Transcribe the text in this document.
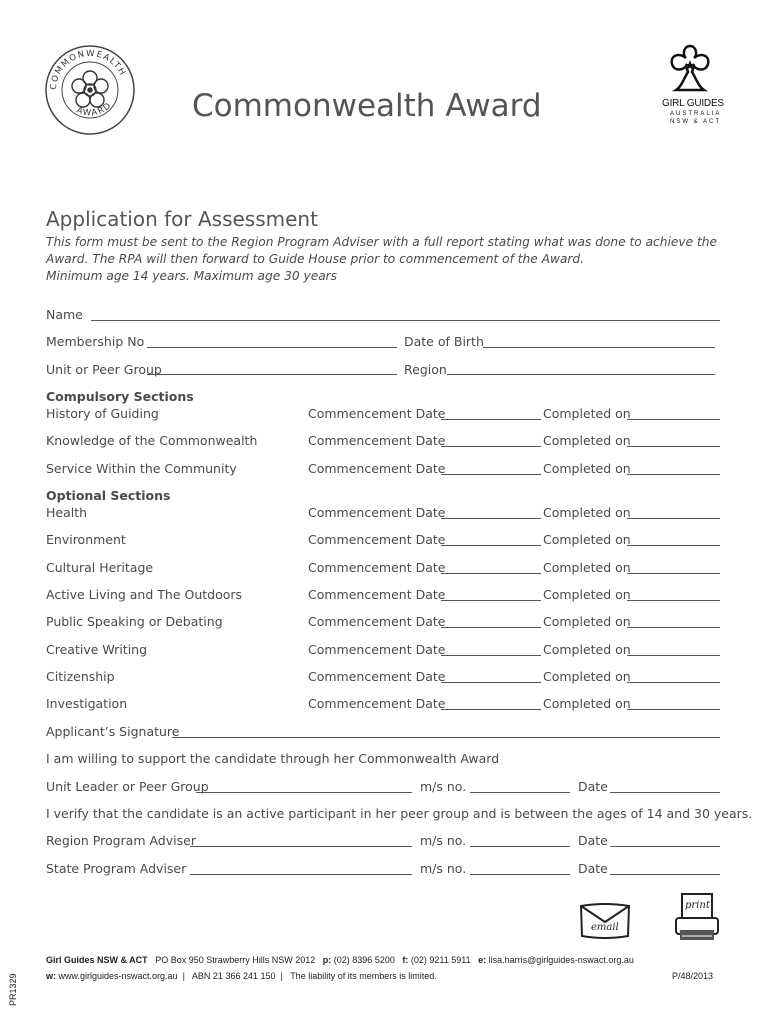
COMMONWEALTH
AWARD	Commonwealth Award	GIRL GUIDES
AUSTRALIA
NSW & ACT
Application for Assessment
This form must be sent to the Region Program Adviser with a full report stating what was done to achieve the
Award. The RPA will then forward to Guide House prior to commencement of the Award.
Minimum age 14 years. Maximum age 30 years
Name
Membership No	Date of Birth
Unit or Peer Group	Region
Compulsory Sections
History of Guiding	Commencement Date	Completed on
Knowledge of the Commonwealth	Commencement Date	Completed on
Service Within the Community	Commencement Date	Completed on
Optional Sections
Health	Commencement Date	Completed on
Environment	Commencement Date	Completed on
Cultural Heritage	Commencement Date	Completed on
Active Living and The Outdoors	Commencement Date	Completed on
Public Speaking or Debating	Commencement Date	Completed on
Creative Writing	Commencement Date	Completed on
Citizenship	Commencement Date	Completed on
Investigation	Commencement Date	Completed on
Applicant’s Signature
I am willing to support the candidate through her Commonwealth Award
Unit Leader or Peer Group	m/s no.	Date
I verify that the candidate is an active participant in her peer group and is between the ages of 14 and 30 years.
Region Program Adviser	m/s no.	Date
State Program Adviser	m/s no.	Date
email
print
Girl Guides NSW & ACT PO Box 950 Strawberry Hills NSW 2012 p: (02) 8396 5200 f: (02) 9211 5911 e: lisa.harris@girlguides-nswact.org.au
w: www.girlguides-nswact.org.au  |   ABN 21 366 241 150  |   The liability of its members is limited.	P/48/2013
PR1329
